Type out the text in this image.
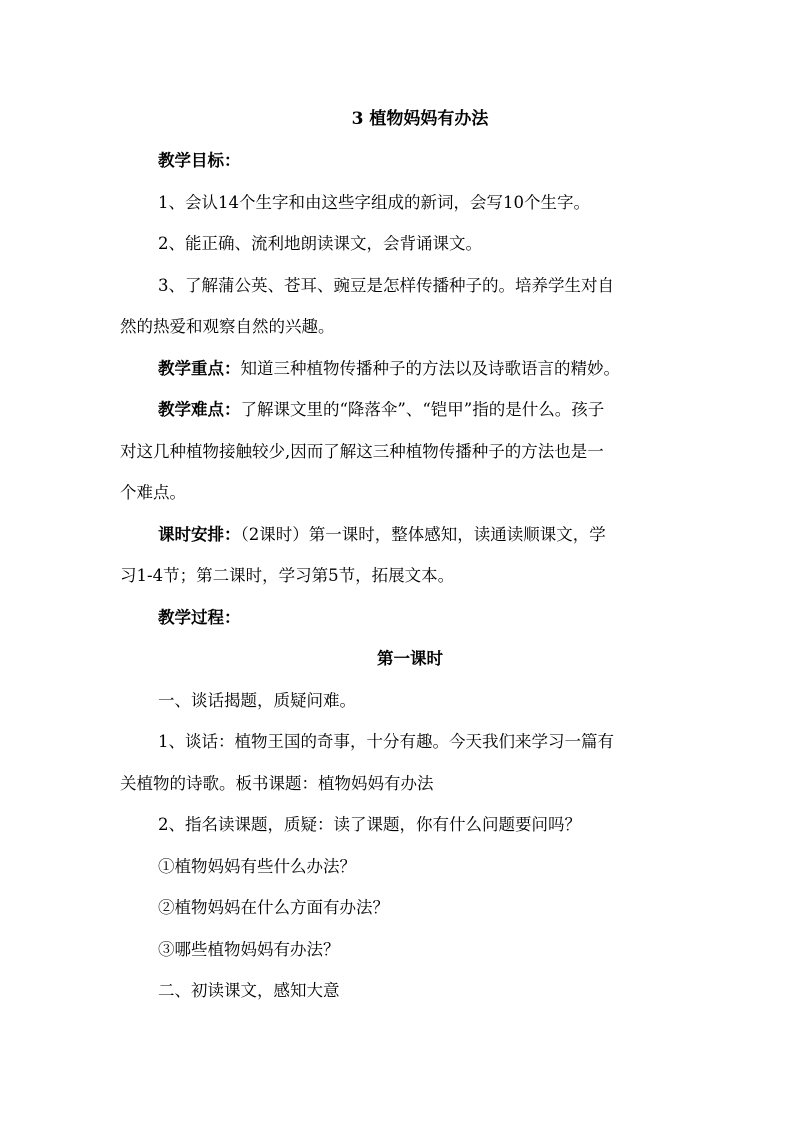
3 植物妈妈有办法

教学目标：

1、会认14个生字和由这些字组成的新词，会写10个生字。

2、能正确、流利地朗读课文，会背诵课文。

3、了解蒲公英、苍耳、豌豆是怎样传播种子的。培养学生对自

然的热爱和观察自然的兴趣。

教学重点：知道三种植物传播种子的方法以及诗歌语言的精妙。

教学难点：了解课文里的“降落伞”、“铠甲”指的是什么。孩子

对这几种植物接触较少,因而了解这三种植物传播种子的方法也是一

个难点。

课时安排：（2课时）第一课时，整体感知，读通读顺课文，学

习1-4节；第二课时，学习第5节，拓展文本。

教学过程：

第一课时

一、谈话揭题，质疑问难。

1、谈话：植物王国的奇事，十分有趣。今天我们来学习一篇有

关植物的诗歌。板书课题：植物妈妈有办法

2、指名读课题，质疑：读了课题，你有什么问题要问吗？

①植物妈妈有些什么办法？

②植物妈妈在什么方面有办法？

③哪些植物妈妈有办法？

二、初读课文，感知大意
